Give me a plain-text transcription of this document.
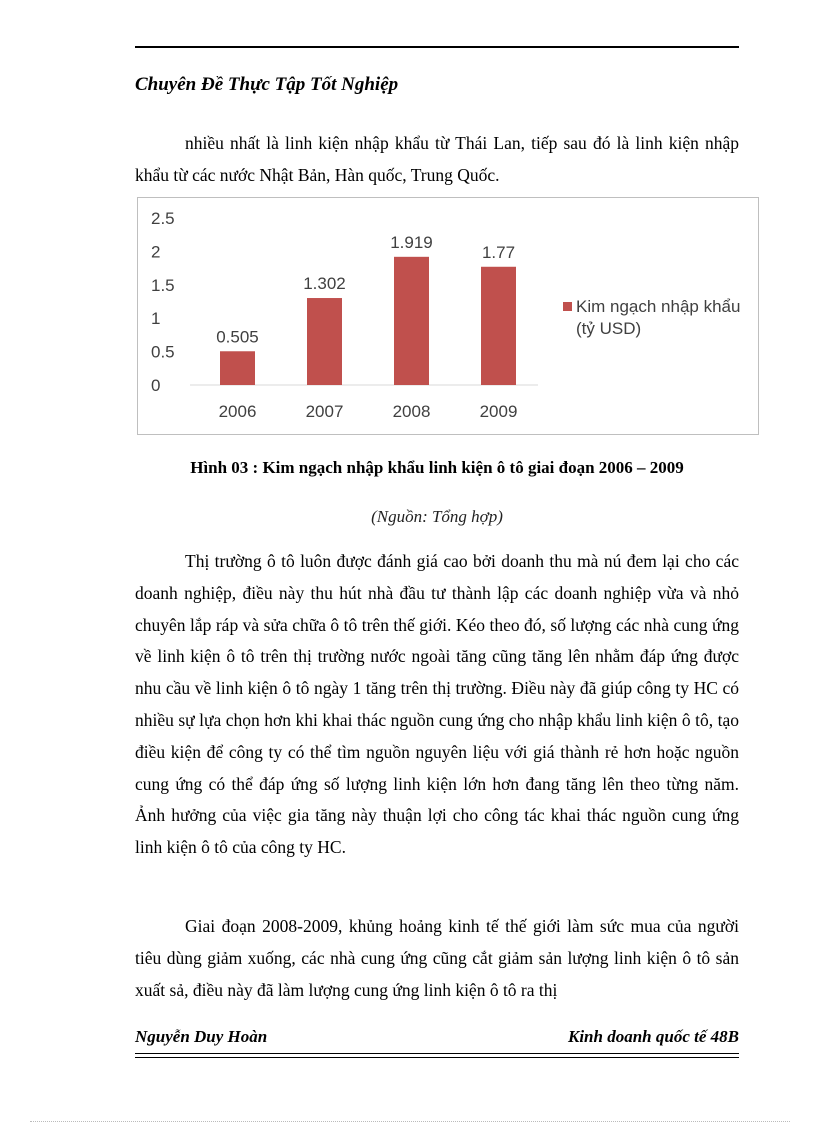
Chuyên Đề Thực Tập Tốt Nghiệp

nhiều nhất là linh kiện nhập khẩu từ Thái Lan, tiếp sau đó là linh kiện nhập khẩu từ các nước Nhật Bản, Hàn quốc, Trung Quốc.

0
0.5
1
1.5
2
2.5
2006	2007	2008	2009
0.505
1.302
1.919
1.77
Kim ngạch nhập khẩu
(tỷ USD)

Hình 03 : Kim ngạch nhập khẩu linh kiện ô tô giai đoạn 2006 – 2009

(Nguồn: Tổng hợp)

Thị trường ô tô luôn được đánh giá cao bởi doanh thu mà nú đem lại cho các doanh nghiệp, điều này thu hút nhà đầu tư thành lập các doanh nghiệp vừa và nhỏ chuyên lắp ráp và sửa chữa ô tô trên thế giới. Kéo theo đó, số lượng các nhà cung ứng về linh kiện ô tô trên thị trường nước ngoài tăng cũng tăng lên nhằm đáp ứng được nhu cầu về linh kiện ô tô ngày 1 tăng trên thị trường. Điều này đã giúp công ty HC có nhiều sự lựa chọn hơn khi khai thác nguồn cung ứng cho nhập khẩu linh kiện ô tô, tạo điều kiện để công ty có thể tìm nguồn nguyên liệu với giá thành rẻ hơn hoặc nguồn cung ứng có thể đáp ứng số lượng linh kiện lớn hơn đang tăng lên theo từng năm. Ảnh hưởng của việc gia tăng này thuận lợi cho công tác khai thác nguồn cung ứng linh kiện ô tô của công ty HC.

Giai đoạn 2008-2009, khủng hoảng kinh tế thế giới làm sức mua của người tiêu dùng giảm xuống, các nhà cung ứng cũng cắt giảm sản lượng linh kiện ô tô sản xuất sả, điều này đã làm lượng cung ứng linh kiện ô tô ra thị

Nguyễn Duy Hoàn	Kinh doanh quốc tế 48B
